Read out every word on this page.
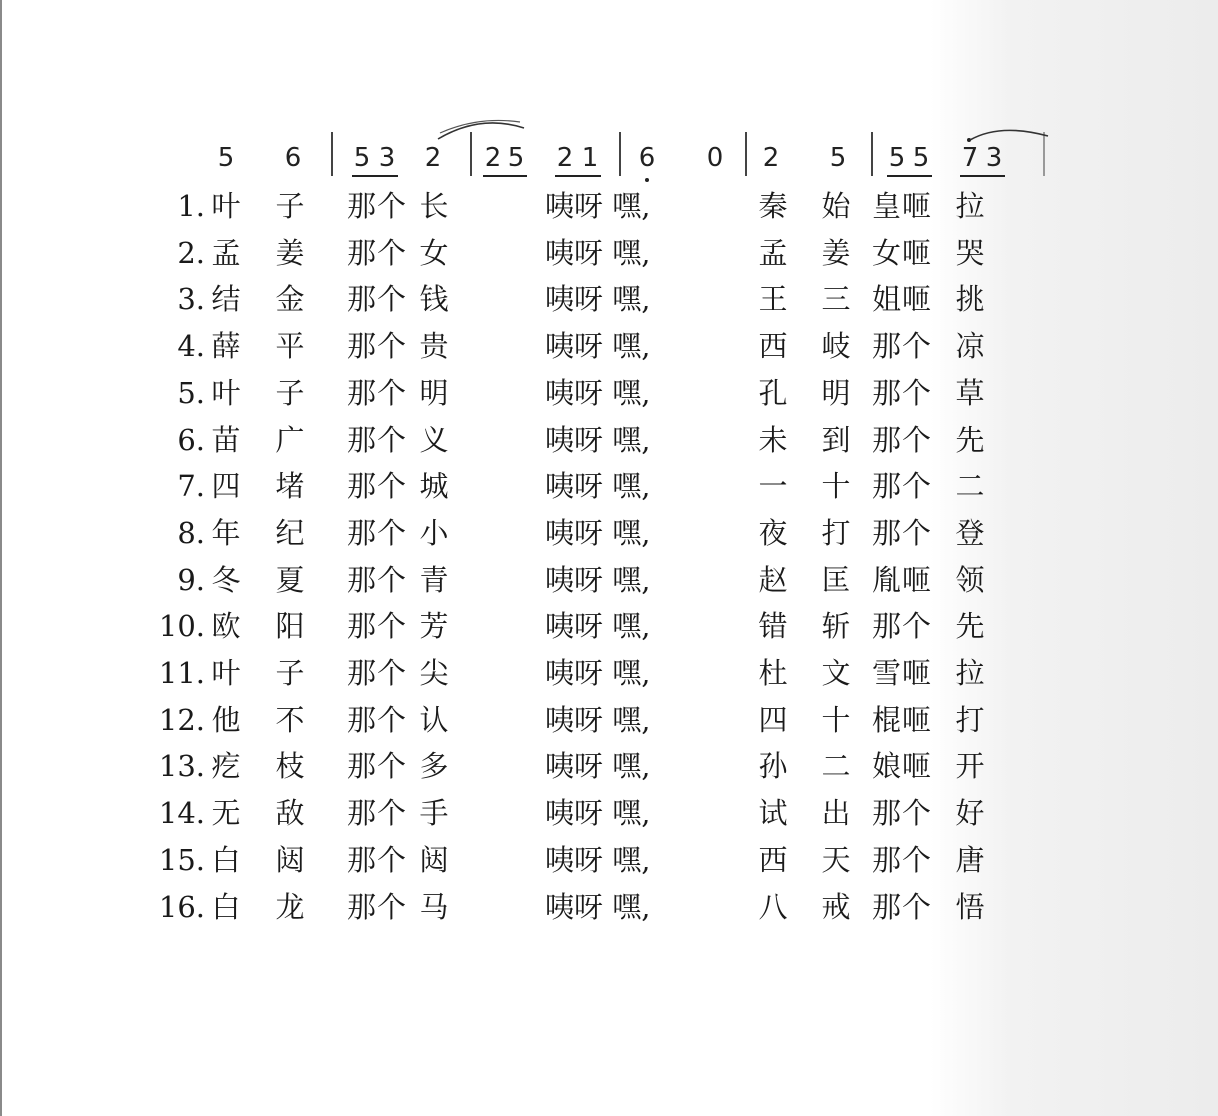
5	6	5 3	2	2 5	2 1	6	0	2	5	5 5	7 3
1. 叶 子 那个 长	咦呀 嘿,	秦 始 皇咂 拉
2. 孟 姜 那个 女	咦呀 嘿,	孟 姜 女咂 哭
3. 结 金 那个 钱	咦呀 嘿,	王 三 姐咂 挑
4. 薛 平 那个 贵	咦呀 嘿,	西 岐 那个 凉
5. 叶 子 那个 明	咦呀 嘿,	孔 明 那个 草
6. 苗 广 那个 义	咦呀 嘿,	未 到 那个 先
7. 四 堵 那个 城	咦呀 嘿,	一 十 那个 二
8. 年 纪 那个 小	咦呀 嘿,	夜 打 那个 登
9. 冬 夏 那个 青	咦呀 嘿,	赵 匡 胤咂 领
10. 欧 阳 那个 芳	咦呀 嘿,	错 斩 那个 先
11. 叶 子 那个 尖	咦呀 嘿,	杜 文 雪咂 拉
12. 他 不 那个 认	咦呀 嘿,	四 十 棍咂 打
13. 疙 枝 那个 多	咦呀 嘿,	孙 二 娘咂 开
14. 无 敌 那个 手	咦呀 嘿,	试 出 那个 好
15. 白 闼 那个 闼	咦呀 嘿,	西 天 那个 唐
16. 白 龙 那个 马	咦呀 嘿,	八 戒 那个 悟
